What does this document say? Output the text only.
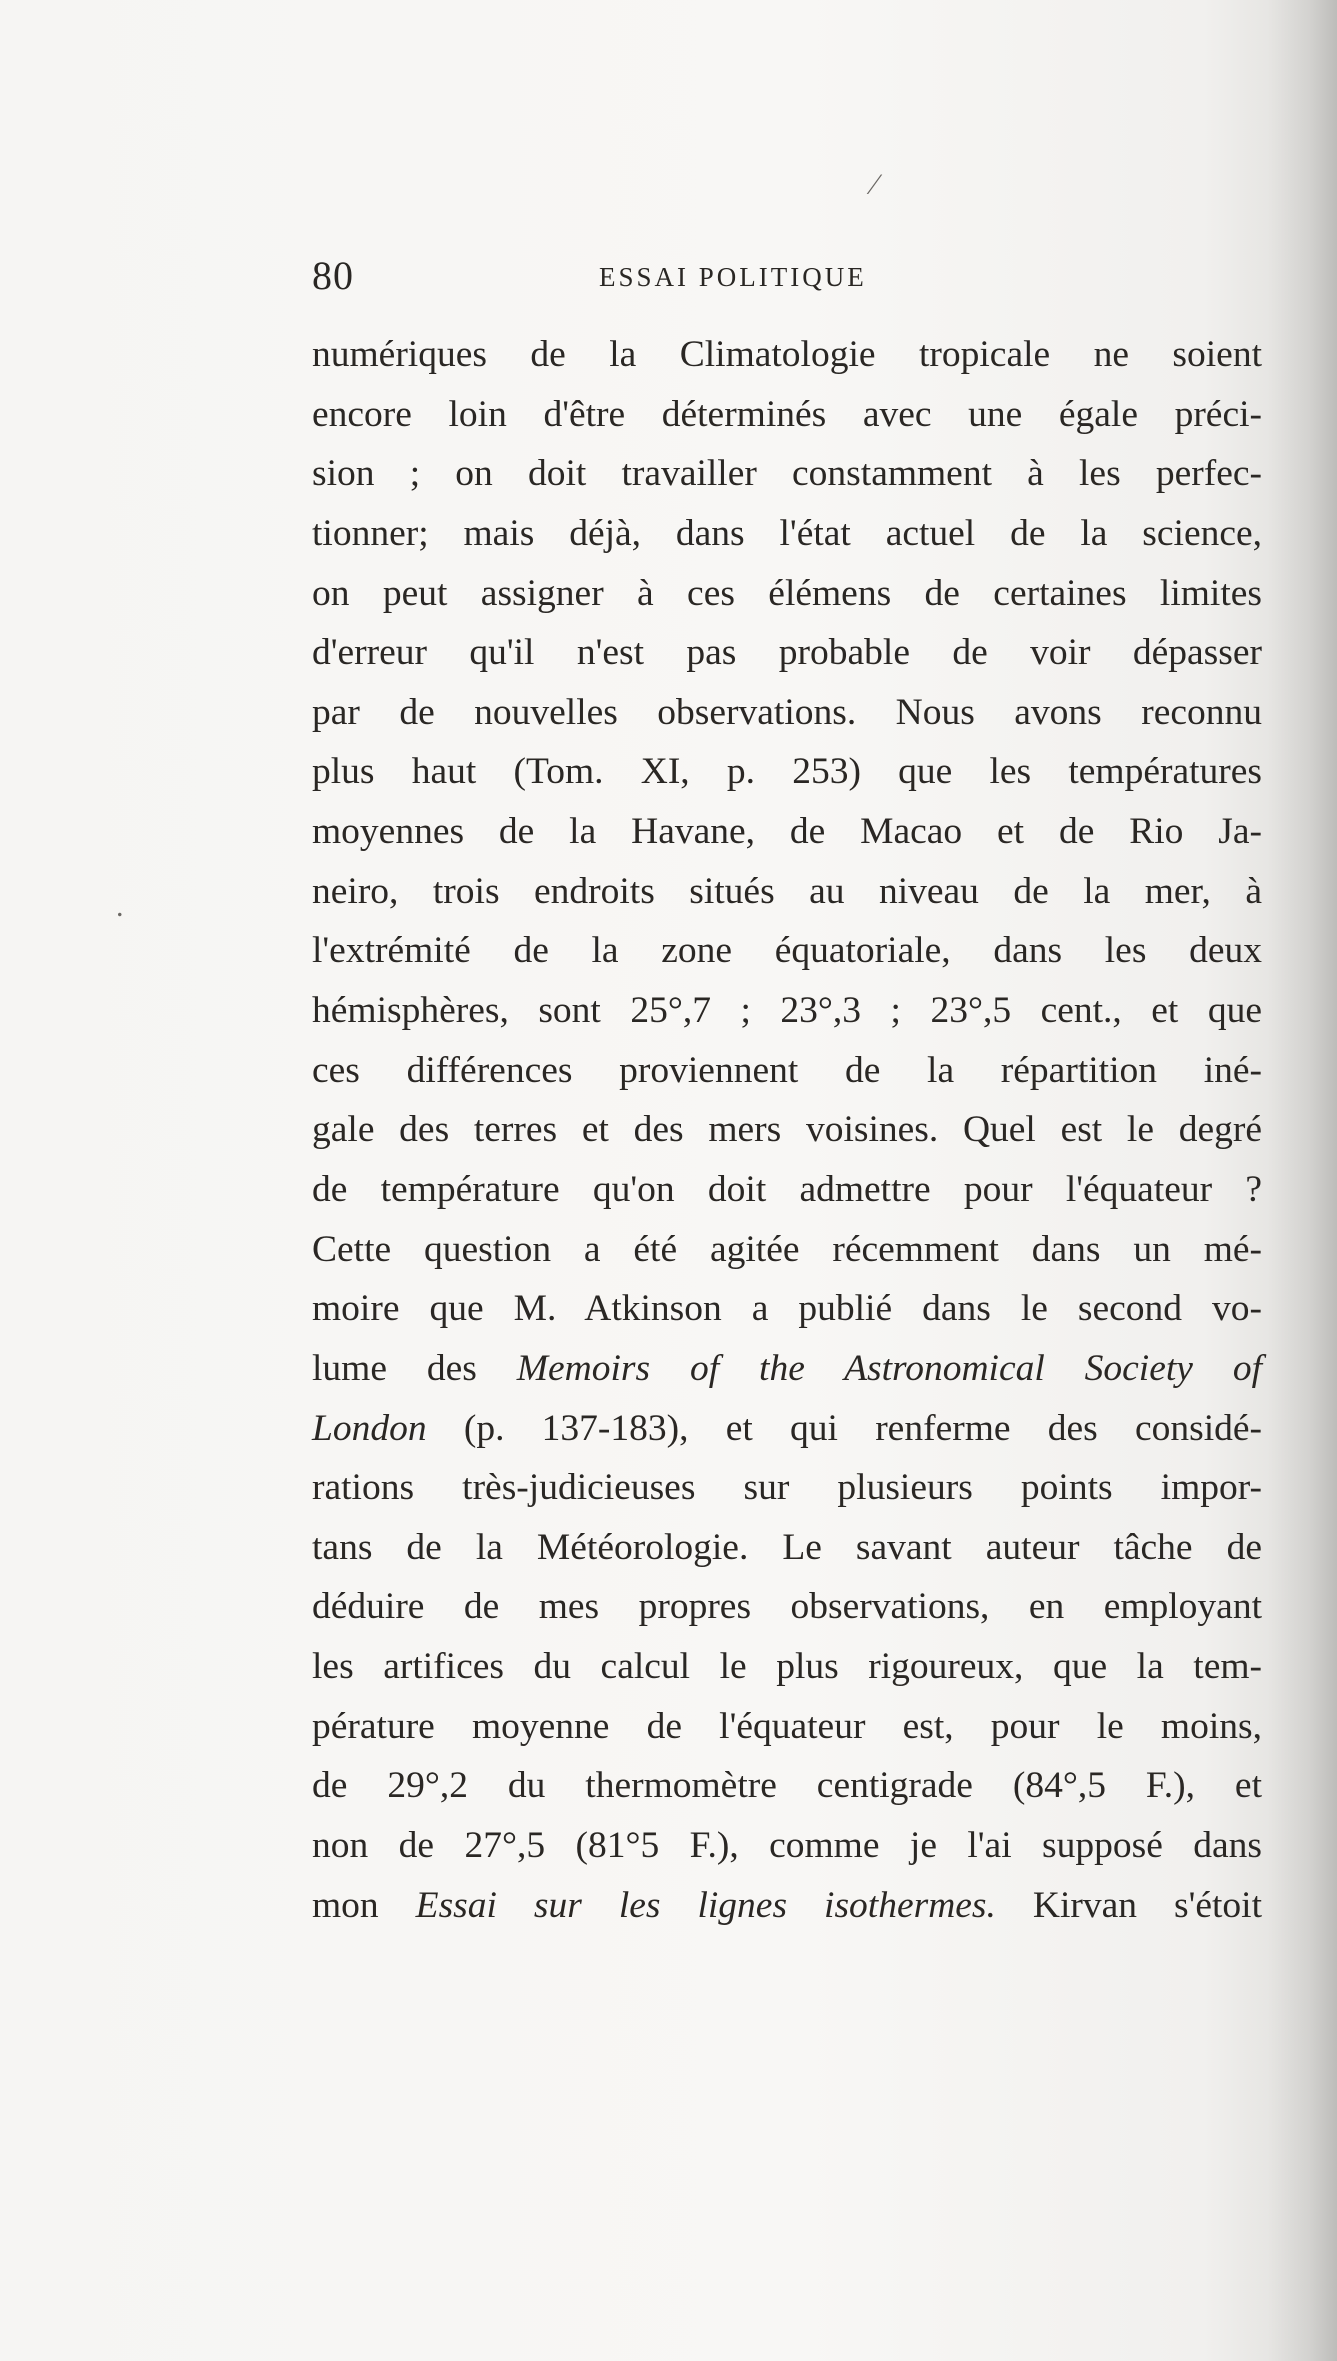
⁄
.
80	ESSAI POLITIQUE
numériques de la Climatologie tropicale ne soient
encore loin d'être déterminés avec une égale préci-
sion ; on doit travailler constamment à les perfec-
tionner; mais déjà, dans l'état actuel de la science,
on peut assigner à ces élémens de certaines limites
d'erreur qu'il n'est pas probable de voir dépasser
par de nouvelles observations. Nous avons reconnu
plus haut (Tom. XI, p. 253) que les températures
moyennes de la Havane, de Macao et de Rio Ja-
neiro, trois endroits situés au niveau de la mer, à
l'extrémité de la zone équatoriale, dans les deux
hémisphères, sont 25°,7 ; 23°,3 ; 23°,5 cent., et que
ces différences proviennent de la répartition iné-
gale des terres et des mers voisines. Quel est le degré
de température qu'on doit admettre pour l'équateur ?
Cette question a été agitée récemment dans un mé-
moire que M. Atkinson a publié dans le second vo-
lume des Memoirs of the Astronomical Society of
London (p. 137-183), et qui renferme des considé-
rations très-judicieuses sur plusieurs points impor-
tans de la Météorologie. Le savant auteur tâche de
déduire de mes propres observations, en employant
les artifices du calcul le plus rigoureux, que la tem-
pérature moyenne de l'équateur est, pour le moins,
de 29°,2 du thermomètre centigrade (84°,5 F.), et
non de 27°,5 (81°5 F.), comme je l'ai supposé dans
mon Essai sur les lignes isothermes. Kirvan s'étoit
